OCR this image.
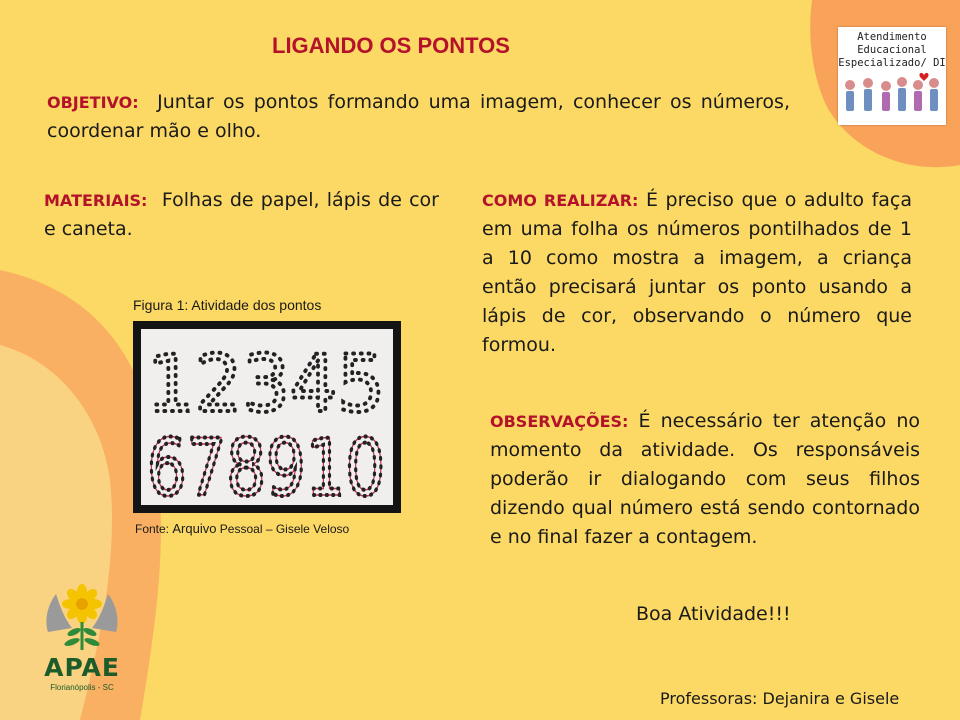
LIGANDO OS PONTOS	Atendimento
Educacional
Especializado/ DI
OBJETIVO: Juntar os pontos formando uma imagem, conhecer os números, coordenar mão e olho.
MATERIAIS: Folhas de papel, lápis de cor e caneta.
COMO REALIZAR: É preciso que o adulto faça em uma folha os números pontilhados de 1 a 10 como mostra a imagem, a criança então precisará juntar os ponto usando a lápis de cor, observando o número que formou.
Figura 1: Atividade dos pontos
12345
678910
678910
Fonte: Arquivo Pessoal – Gisele Veloso
OBSERVAÇÕES: É necessário ter atenção no momento da atividade. Os responsáveis poderão ir dialogando com seus filhos dizendo qual número está sendo contornado e no final fazer a contagem.
Boa Atividade!!!
APAE
Florianópolis - SC
Professoras: Dejanira e Gisele
